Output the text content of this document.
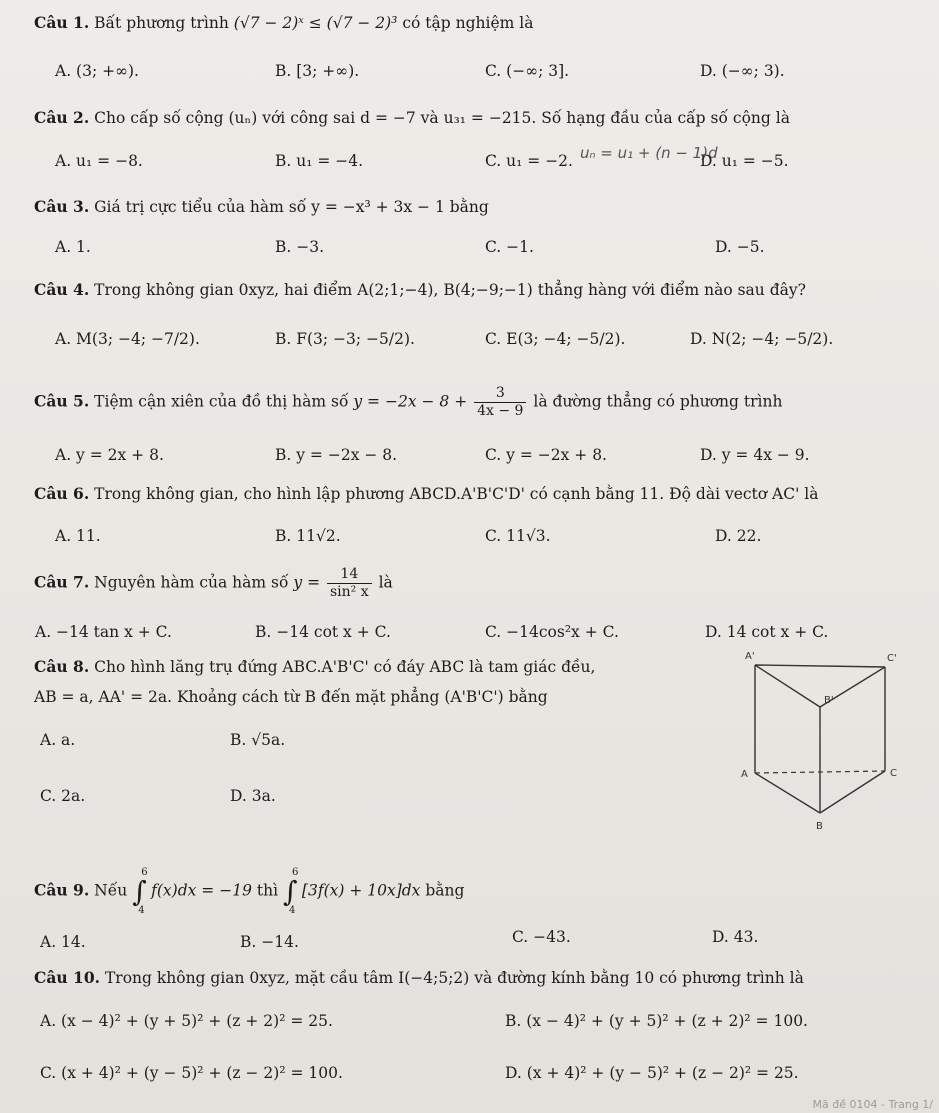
Câu 1. Bất phương trình (√7 − 2)ˣ ≤ (√7 − 2)³ có tập nghiệm là
A. (3; +∞).	B. [3; +∞).	C. (−∞; 3].	D. (−∞; 3).
Câu 2. Cho cấp số cộng (uₙ) với công sai d = −7 và u₃₁ = −215. Số hạng đầu của cấp số cộng là
A. u₁ = −8.	B. u₁ = −4.	C. u₁ = −2. uₙ = u₁ + (n − 1)d
D. u₁ = −5.
Câu 3. Giá trị cực tiểu của hàm số y = −x³ + 3x − 1 bằng
A. 1.	B. −3.	C. −1.	D. −5.
Câu 4. Trong không gian 0xyz, hai điểm A(2;1;−4), B(4;−9;−1) thẳng hàng với điểm nào sau đây?
A. M(3; −4; −7/2).	B. F(3; −3; −5/2).	C. E(3; −4; −5/2).	D. N(2; −4; −5/2).
Câu 5. Tiệm cận xiên của đồ thị hàm số $y = -2x - 8 + \frac{3}{4x - 9}$ là đường thẳng có phương trình
A. y = 2x + 8.	B. y = −2x − 8.	C. y = −2x + 8.	D. y = 4x − 9.
Câu 6. Trong không gian, cho hình lập phương ABCD.A'B'C'D' có cạnh bằng 11. Độ dài vectơ AC' là
A. 11.	B. 11√2.	C. 11√3.	D. 22.
Câu 7. Nguyên hàm của hàm số $y = \frac{14}{\text{sin² x}}$ là
A. −14 tan x + C.	B. −14 cot x + C.	C. −14cos²x + C.	D. 14 cot x + C.
Câu 8. Cho hình lăng trụ đứng ABC.A'B'C' có đáy ABC là tam giác đều,
AB = a, AA' = 2a. Khoảng cách từ B đến mặt phẳng (A'B'C') bằng
A. a.	B. √5a.
C. 2a.	D. 3a.
A'	C'
B'
A	C
B
Câu 9. Nếu ∫
6
4
f(x)dx = −19 thì ∫
6
4
[3f(x) + 10x]dx bằng
A. 14.	B. −14.	C. −43.	D. 43.
Câu 10. Trong không gian 0xyz, mặt cầu tâm I(−4;5;2) và đường kính bằng 10 có phương trình là
A. (x − 4)² + (y + 5)² + (z + 2)² = 25.	B. (x − 4)² + (y + 5)² + (z + 2)² = 100.
C. (x + 4)² + (y − 5)² + (z − 2)² = 100.	D. (x + 4)² + (y − 5)² + (z − 2)² = 25.
Mã đề 0104 - Trang 1/
